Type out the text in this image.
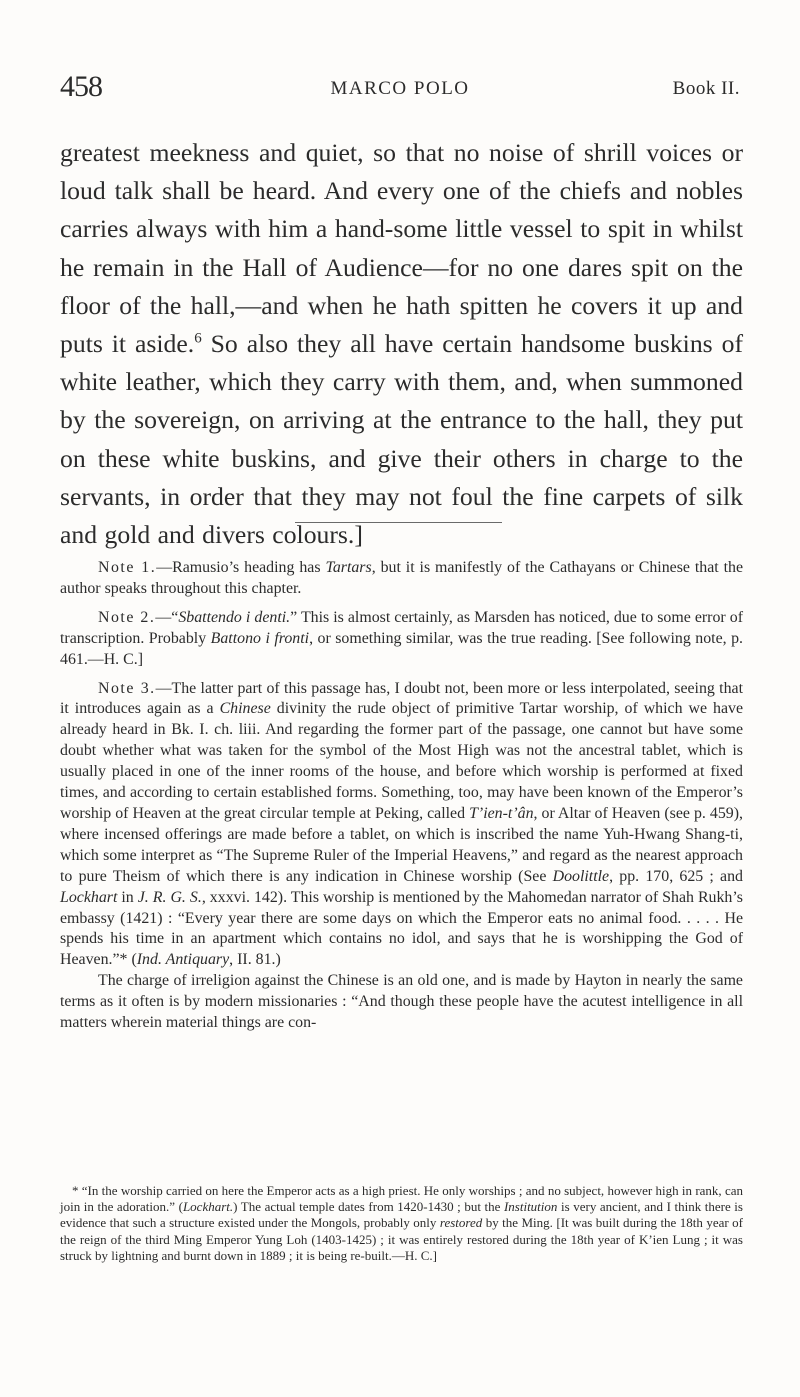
458	MARCO POLO	Book II.
greatest meekness and quiet, so that no noise of shrill voices or loud talk shall be heard. And every one of the chiefs and nobles carries always with him a hand-some little vessel to spit in whilst he remain in the Hall of Audience—for no one dares spit on the floor of the hall,—and when he hath spitten he covers it up and puts it aside.$^6$ So also they all have certain handsome buskins of white leather, which they carry with them, and, when summoned by the sovereign, on arriving at the entrance to the hall, they put on these white buskins, and give their others in charge to the servants, in order that they may not foul the fine carpets of silk and gold and divers colours.]

Note 1.—Ramusio’s heading has Tartars, but it is manifestly of the Cathayans or Chinese that the author speaks throughout this chapter.

Note 2.—“Sbattendo i denti.” This is almost certainly, as Marsden has noticed, due to some error of transcription. Probably Battono i fronti, or something similar, was the true reading. [See following note, p. 461.—H. C.]

Note 3.—The latter part of this passage has, I doubt not, been more or less interpolated, seeing that it introduces again as a Chinese divinity the rude object of primitive Tartar worship, of which we have already heard in Bk. I. ch. liii. And regarding the former part of the passage, one cannot but have some doubt whether what was taken for the symbol of the Most High was not the ancestral tablet, which is usually placed in one of the inner rooms of the house, and before which worship is performed at fixed times, and according to certain established forms. Something, too, may have been known of the Emperor’s worship of Heaven at the great circular temple at Peking, called T’ien-t’ân, or Altar of Heaven (see p. 459), where incensed offerings are made before a tablet, on which is inscribed the name Yuh-Hwang Shang-ti, which some interpret as “The Supreme Ruler of the Imperial Heavens,” and regard as the nearest approach to pure Theism of which there is any indication in Chinese worship (See Doolittle, pp. 170, 625 ; and Lockhart in J. R. G. S., xxxvi. 142). This worship is mentioned by the Mahomedan narrator of Shah Rukh’s embassy (1421) : “Every year there are some days on which the Emperor eats no animal food. . . . . He spends his time in an apartment which contains no idol, and says that he is worshipping the God of Heaven.”* (Ind. Antiquary, II. 81.)

The charge of irreligion against the Chinese is an old one, and is made by Hayton in nearly the same terms as it often is by modern missionaries : “And though these people have the acutest intelligence in all matters wherein material things are con-

* “In the worship carried on here the Emperor acts as a high priest. He only worships ; and no subject, however high in rank, can join in the adoration.” (Lockhart.) The actual temple dates from 1420-1430 ; but the Institution is very ancient, and I think there is evidence that such a structure existed under the Mongols, probably only restored by the Ming. [It was built during the 18th year of the reign of the third Ming Emperor Yung Loh (1403-1425) ; it was entirely restored during the 18th year of K’ien Lung ; it was struck by lightning and burnt down in 1889 ; it is being re-built.—H. C.]
